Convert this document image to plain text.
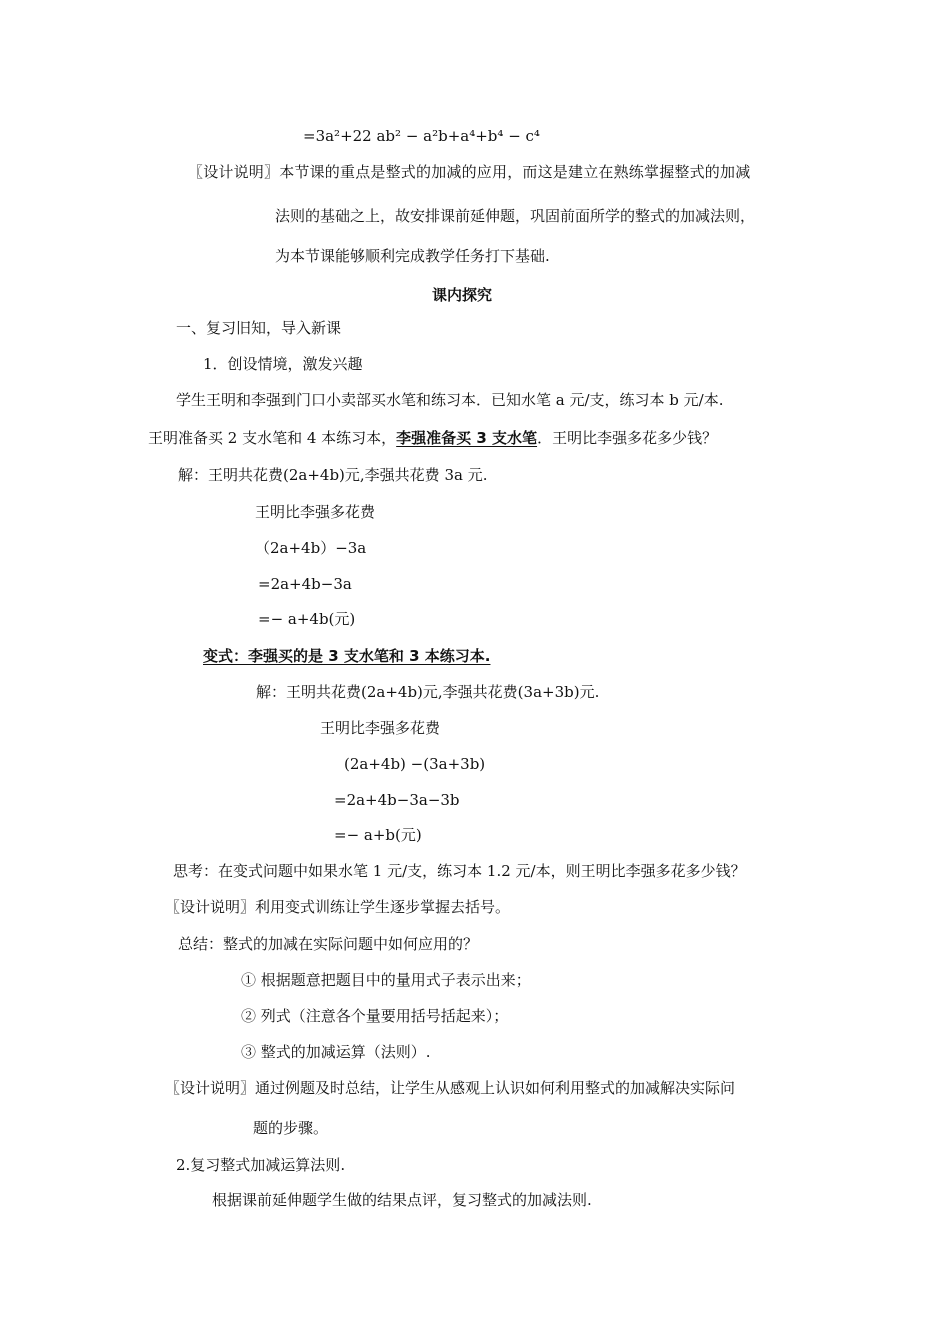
=3a²+22 ab² − a²b+a⁴+b⁴ − c⁴
〖设计说明〗本节课的重点是整式的加减的应用，而这是建立在熟练掌握整式的加减
法则的基础之上，故安排课前延伸题，巩固前面所学的整式的加减法则，
为本节课能够顺利完成教学任务打下基础.
课内探究
一、复习旧知，导入新课
1．创设情境，激发兴趣
学生王明和李强到门口小卖部买水笔和练习本．已知水笔 a 元/支，练习本 b 元/本.
王明准备买 2 支水笔和 4 本练习本，李强准备买 3 支水笔．王明比李强多花多少钱？
解：王明共花费(2a+4b)元,李强共花费 3a 元.
王明比李强多花费
（2a+4b）−3a
=2a+4b−3a
=− a+4b(元)
变式：李强买的是 3 支水笔和 3 本练习本.
解：王明共花费(2a+4b)元,李强共花费(3a+3b)元.
王明比李强多花费
(2a+4b) −(3a+3b)
=2a+4b−3a−3b
=− a+b(元)
思考：在变式问题中如果水笔 1 元/支，练习本 1.2 元/本，则王明比李强多花多少钱？
〖设计说明〗利用变式训练让学生逐步掌握去括号。
总结：整式的加减在实际问题中如何应用的？
① 根据题意把题目中的量用式子表示出来；
② 列式（注意各个量要用括号括起来）；
③ 整式的加减运算（法则）.
〖设计说明〗通过例题及时总结，让学生从感观上认识如何利用整式的加减解决实际问
题的步骤。
2.复习整式加减运算法则.
根据课前延伸题学生做的结果点评，复习整式的加减法则.
